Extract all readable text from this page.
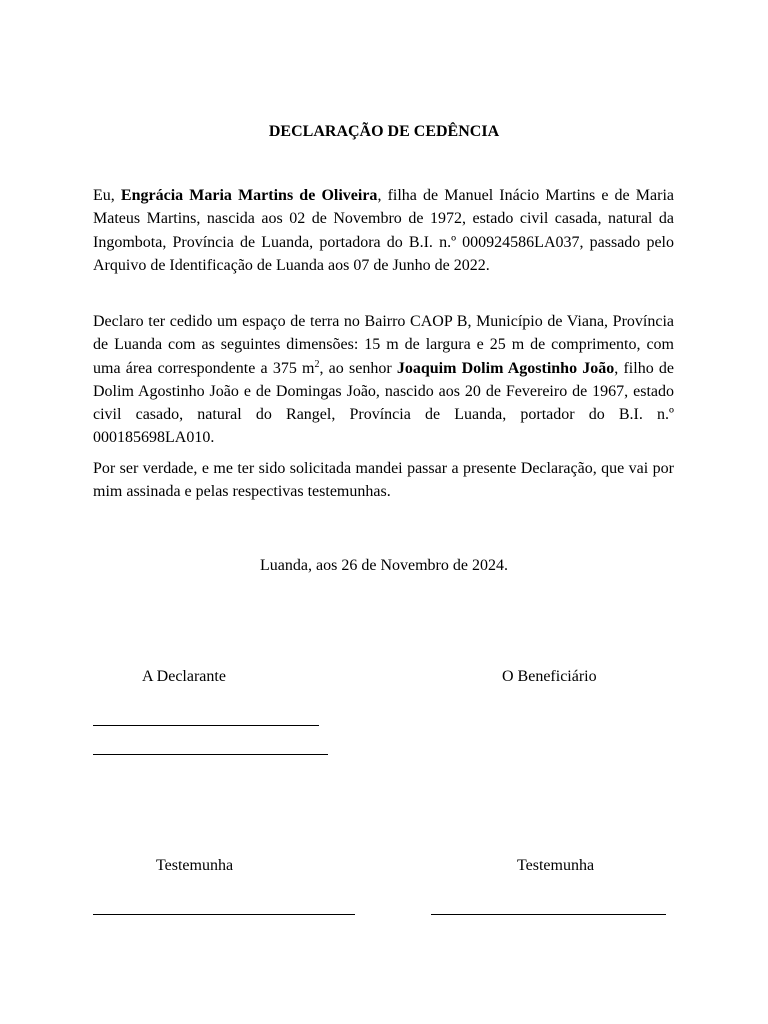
DECLARAÇÃO DE CEDÊNCIA

Eu, Engrácia Maria Martins de Oliveira, filha de Manuel Inácio Martins e de Maria Mateus Martins, nascida aos 02 de Novembro de 1972, estado civil casada, natural da Ingombota, Província de Luanda, portadora do B.I. n.º 000924586LA037, passado pelo Arquivo de Identificação de Luanda aos 07 de Junho de 2022.

Declaro ter cedido um espaço de terra no Bairro CAOP B, Município de Viana, Província de Luanda com as seguintes dimensões: 15 m de largura e 25 m de comprimento, com uma área correspondente a 375 $m^2$, ao senhor Joaquim Dolim Agostinho João, filho de Dolim Agostinho João e de Domingas João, nascido aos 20 de Fevereiro de 1967, estado civil casado, natural do Rangel, Província de Luanda, portador do B.I. n.º 000185698LA010.

Por ser verdade, e me ter sido solicitada mandei passar a presente Declaração, que vai por mim assinada e pelas respectivas testemunhas.

Luanda, aos 26 de Novembro de 2024.
A Declarante	O Beneficiário
Testemunha	Testemunha
